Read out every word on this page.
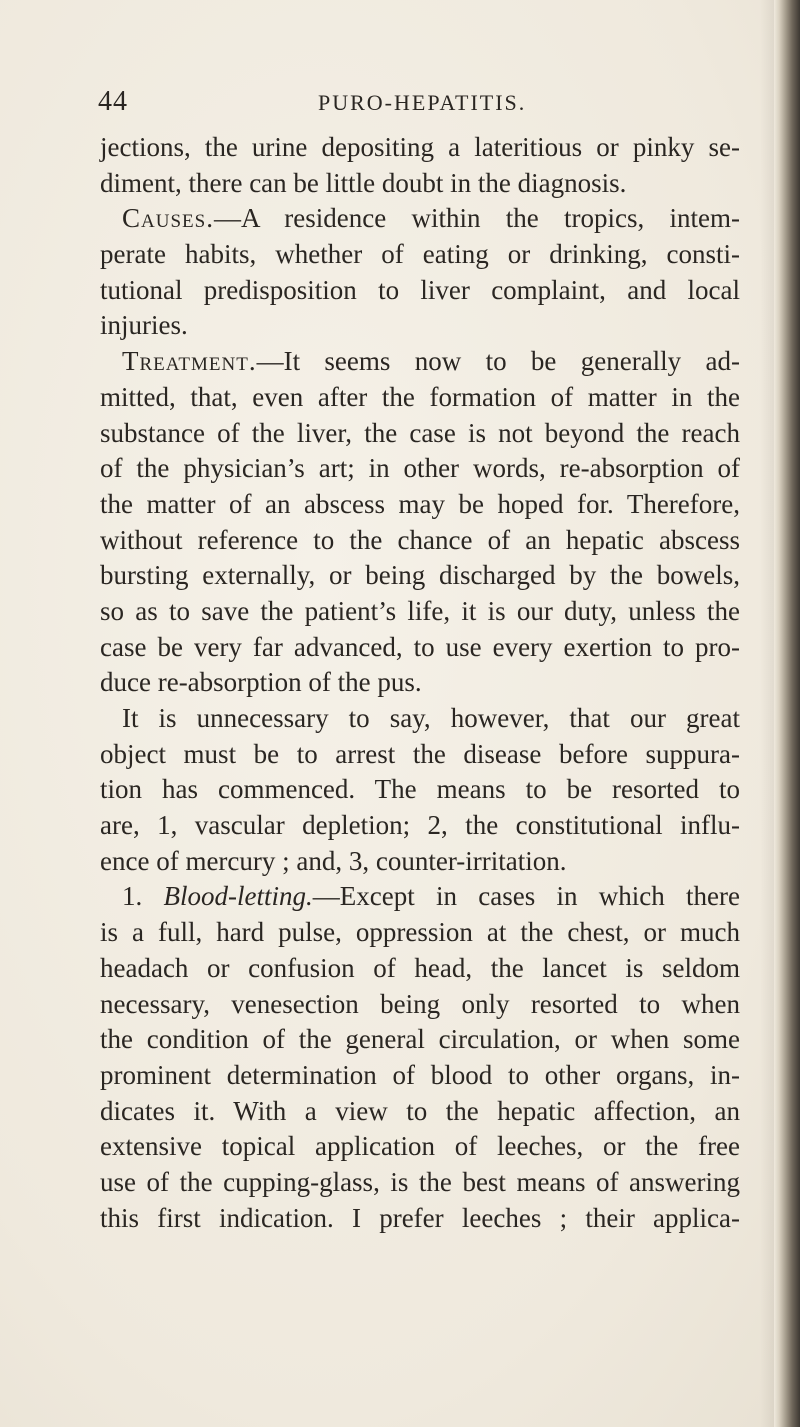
44	PURO-HEPATITIS.
jections, the urine depositing a lateritious or pinky se-
diment, there can be little doubt in the diagnosis.
Causes.—A residence within the tropics, intem-
perate habits, whether of eating or drinking, consti-
tutional predisposition to liver complaint, and local
injuries.
Treatment.—It seems now to be generally ad-
mitted, that, even after the formation of matter in the
substance of the liver, the case is not beyond the reach
of the physician’s art; in other words, re-absorption of
the matter of an abscess may be hoped for. Therefore,
without reference to the chance of an hepatic abscess
bursting externally, or being discharged by the bowels,
so as to save the patient’s life, it is our duty, unless the
case be very far advanced, to use every exertion to pro-
duce re-absorption of the pus.
It is unnecessary to say, however, that our great
object must be to arrest the disease before suppura-
tion has commenced. The means to be resorted to
are, 1, vascular depletion; 2, the constitutional influ-
ence of mercury ; and, 3, counter-irritation.
1. Blood-letting.—Except in cases in which there
is a full, hard pulse, oppression at the chest, or much
headach or confusion of head, the lancet is seldom
necessary, venesection being only resorted to when
the condition of the general circulation, or when some
prominent determination of blood to other organs, in-
dicates it. With a view to the hepatic affection, an
extensive topical application of leeches, or the free
use of the cupping-glass, is the best means of answering
this first indication. I prefer leeches ; their applica-
